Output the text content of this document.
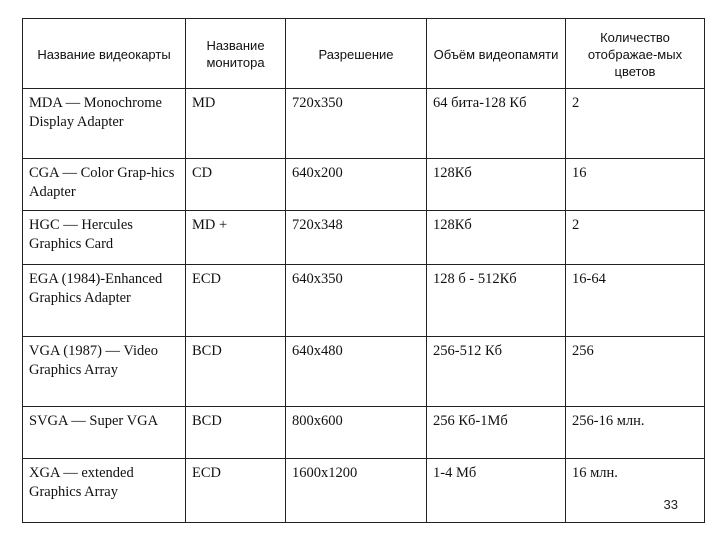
Название видеокарты	Название монитора	Разрешение	Объём видеопамяти	Количество отображае-мых цветов
MDA — Monochrome Display Adapter	MD	720x350	64 бита-128 Кб	2
CGA — Color Grap-hics Adapter	CD	640x200	128Кб	16
HGC — Hercules Graphics Card	MD +	720x348	128Кб	2
EGA (1984)-Enhanced Graphics Adapter	ECD	640x350	128 б - 512Кб	16-64
VGA (1987) — Video Graphics Array	BCD	640x480	256-512 Кб	256
SVGA — Super VGA	BCD	800x600	256 Кб-1Мб	256-16 млн.
XGA — extended Graphics Array	ECD	1600x1200	1-4 Мб	16 млн.
33
